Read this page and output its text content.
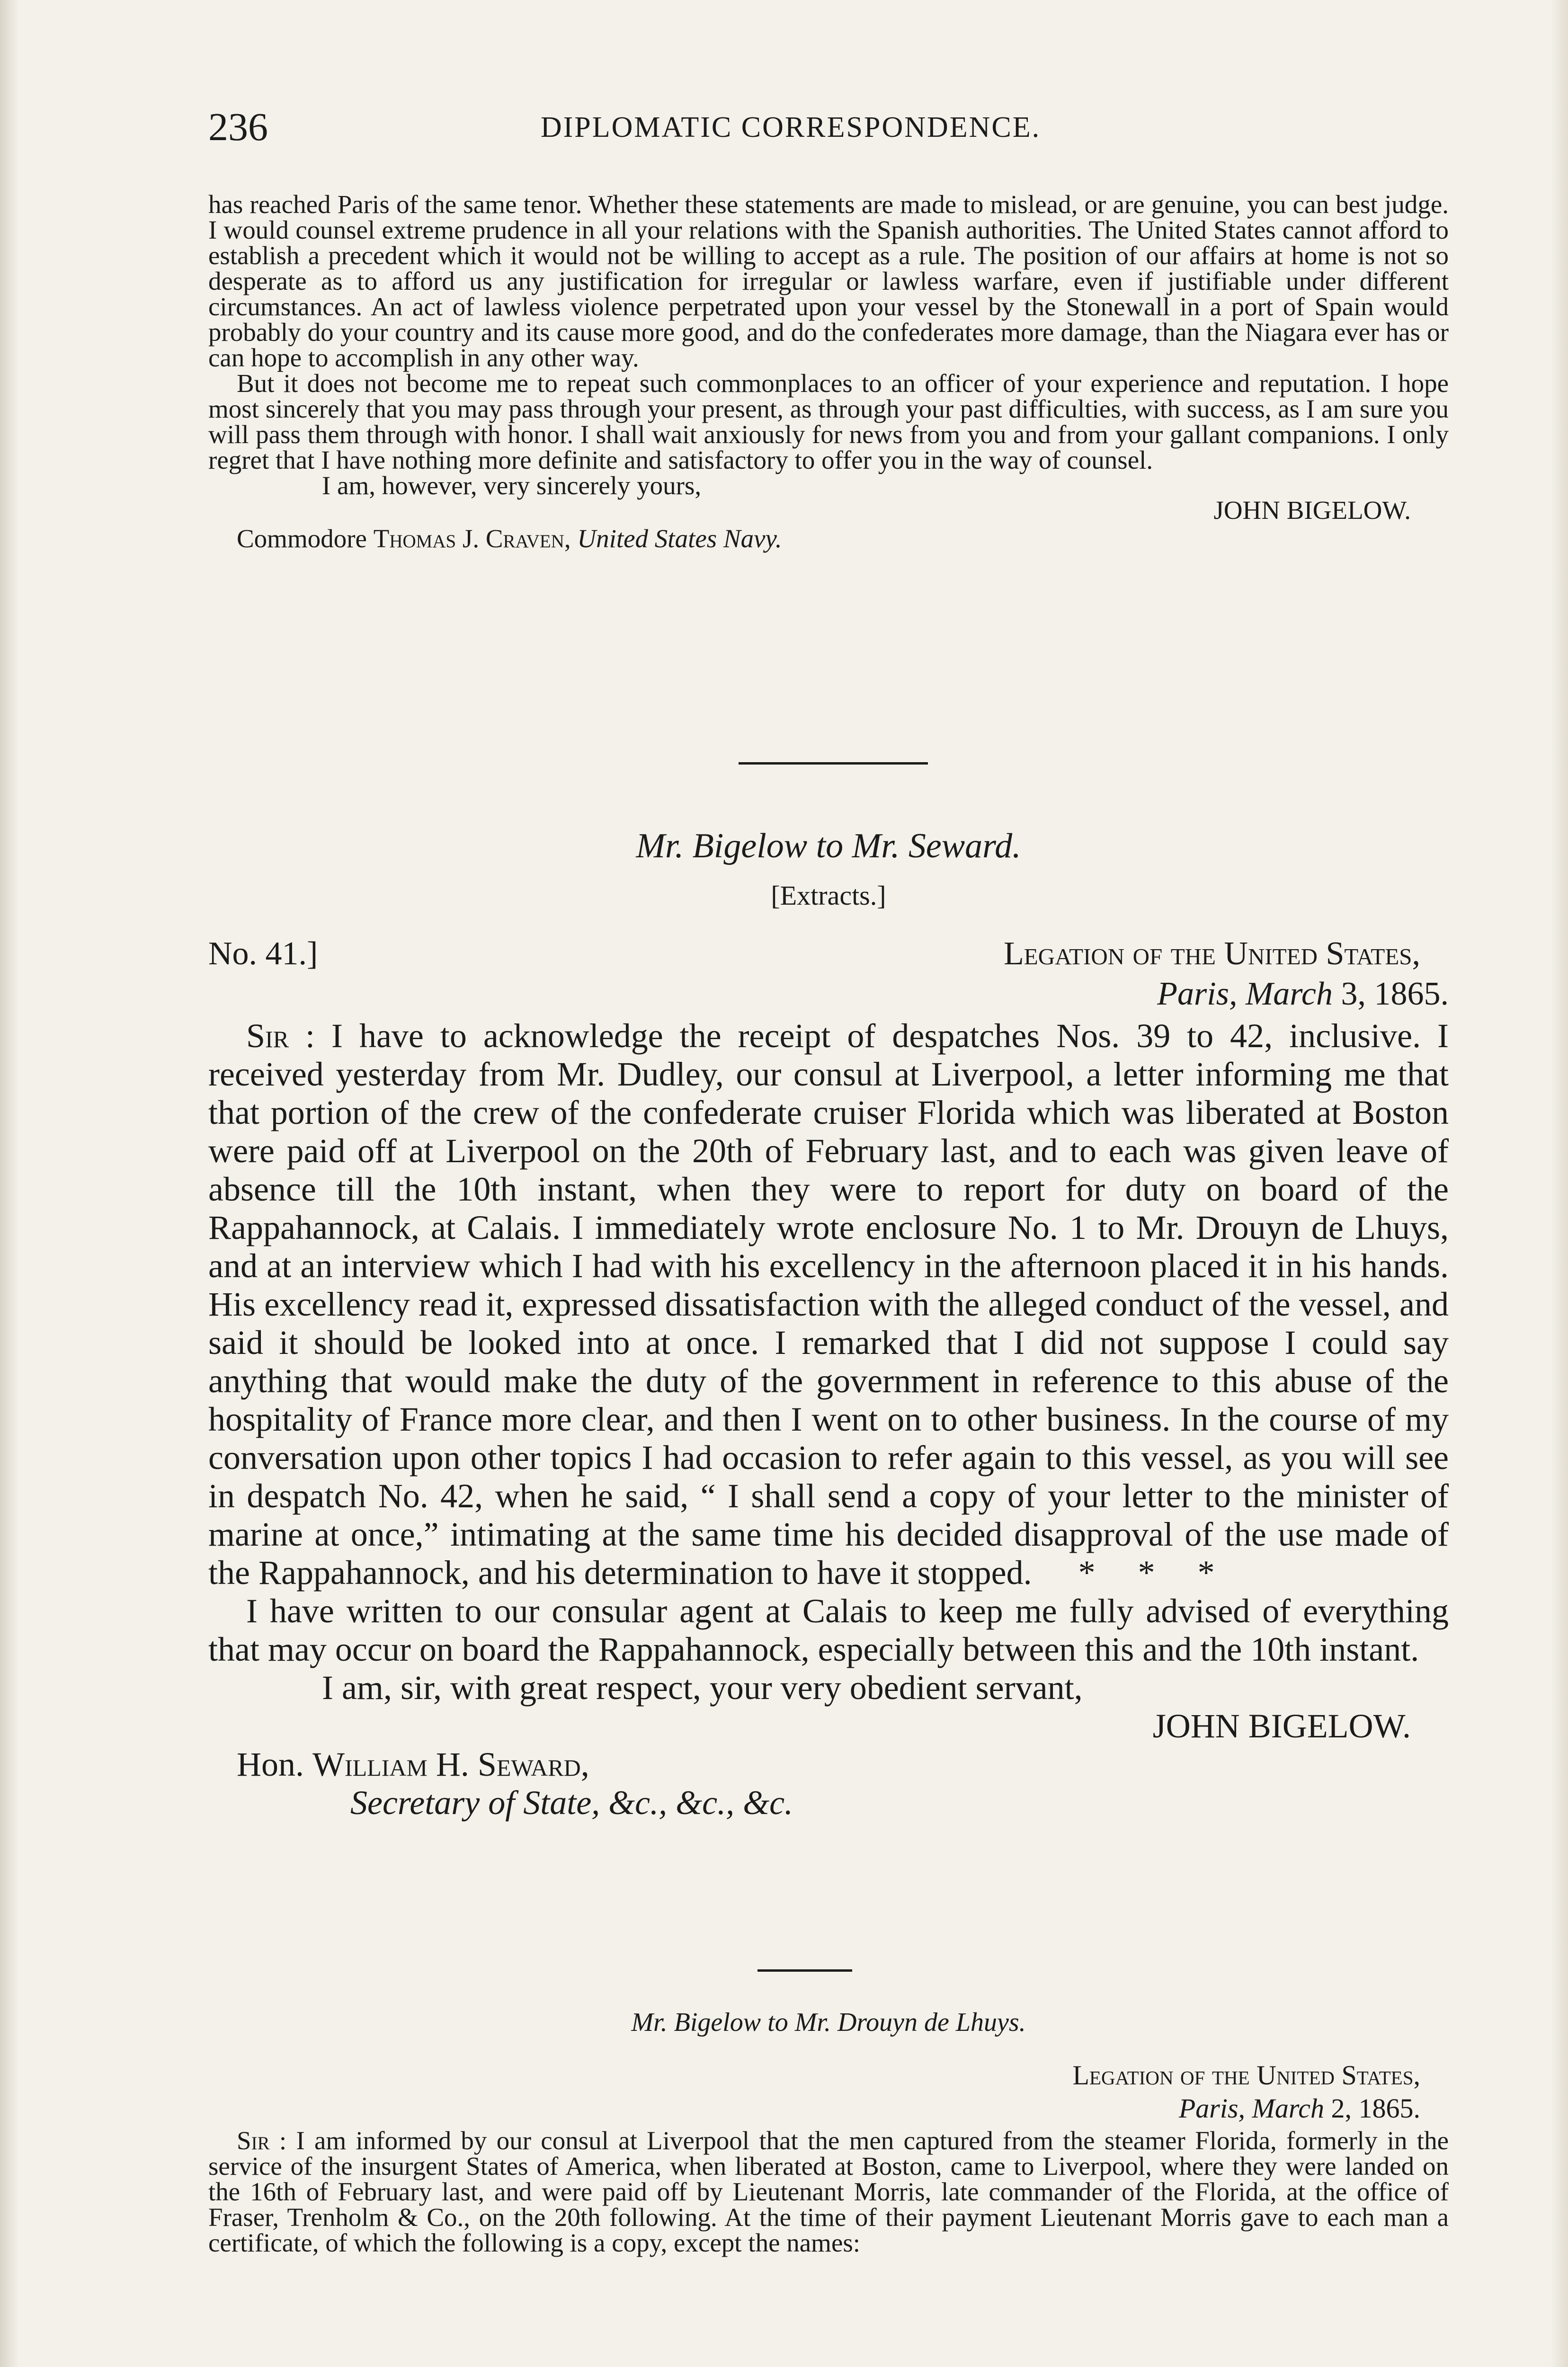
236	DIPLOMATIC CORRESPONDENCE.

has reached Paris of the same tenor. Whether these statements are made to mislead, or are genuine, you can best judge. I would counsel extreme prudence in all your relations with the Spanish authorities. The United States cannot afford to establish a precedent which it would not be willing to accept as a rule. The position of our affairs at home is not so desperate as to afford us any justification for irregular or lawless warfare, even if justifiable under different circumstances. An act of lawless violence perpetrated upon your vessel by the Stonewall in a port of Spain would probably do your country and its cause more good, and do the confederates more damage, than the Niagara ever has or can hope to accomplish in any other way.

But it does not become me to repeat such commonplaces to an officer of your experience and reputation. I hope most sincerely that you may pass through your present, as through your past difficulties, with success, as I am sure you will pass them through with honor. I shall wait anxiously for news from you and from your gallant companions. I only regret that I have nothing more definite and satisfactory to offer you in the way of counsel.

I am, however, very sincerely yours,

JOHN BIGELOW.

Commodore Thomas J. Craven, United States Navy.

Mr. Bigelow to Mr. Seward.
[Extracts.]
No. 41.]	Legation of the United States,
Paris, March 3, 1865.

Sir : I have to acknowledge the receipt of despatches Nos. 39 to 42, inclusive. I received yesterday from Mr. Dudley, our consul at Liverpool, a letter informing me that that portion of the crew of the confederate cruiser Florida which was liberated at Boston were paid off at Liverpool on the 20th of February last, and to each was given leave of absence till the 10th instant, when they were to report for duty on board of the Rappahannock, at Calais. I immediately wrote enclosure No. 1 to Mr. Drouyn de Lhuys, and at an interview which I had with his excellency in the afternoon placed it in his hands. His excellency read it, expressed dissatisfaction with the alleged conduct of the vessel, and said it should be looked into at once. I remarked that I did not suppose I could say anything that would make the duty of the government in reference to this abuse of the hospitality of France more clear, and then I went on to other business. In the course of my conversation upon other topics I had occasion to refer again to this vessel, as you will see in despatch No. 42, when he said, “ I shall send a copy of your letter to the minister of marine at once,” intimating at the same time his decided disapproval of the use made of the Rappahannock, and his determination to have it stopped. *     *     *

I have written to our consular agent at Calais to keep me fully advised of everything that may occur on board the Rappahannock, especially between this and the 10th instant.

I am, sir, with great respect, your very obedient servant,

JOHN BIGELOW.

Hon. William H. Seward,

Secretary of State, &c., &c., &c.

Mr. Bigelow to Mr. Drouyn de Lhuys.
Legation of the United States,
Paris, March 2, 1865.

Sir : I am informed by our consul at Liverpool that the men captured from the steamer Florida, formerly in the service of the insurgent States of America, when liberated at Boston, came to Liverpool, where they were landed on the 16th of February last, and were paid off by Lieutenant Morris, late commander of the Florida, at the office of Fraser, Trenholm & Co., on the 20th following. At the time of their payment Lieutenant Morris gave to each man a certificate, of which the following is a copy, except the names:
